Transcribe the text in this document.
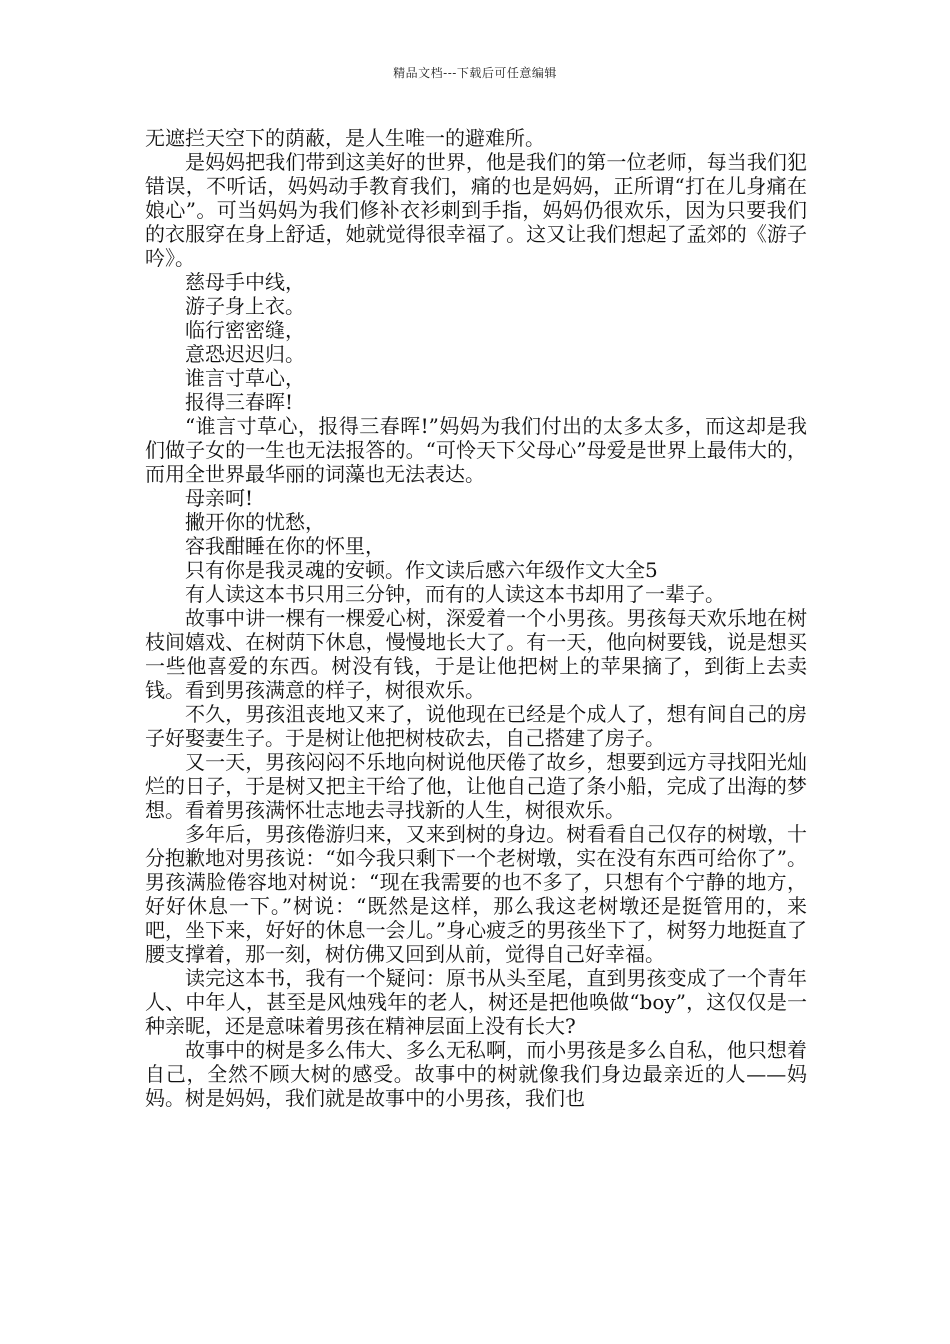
精品文档---下载后可任意编辑

无遮拦天空下的荫蔽，是人生唯一的避难所。

是妈妈把我们带到这美好的世界，他是我们的第一位老师，每当我们犯错误，不听话，妈妈动手教育我们，痛的也是妈妈，正所谓“打在儿身痛在娘心”。可当妈妈为我们修补衣衫刺到手指，妈妈仍很欢乐，因为只要我们的衣服穿在身上舒适，她就觉得很幸福了。这又让我们想起了孟郊的《游子吟》。

慈母手中线，

游子身上衣。

临行密密缝，

意恐迟迟归。

谁言寸草心，

报得三春晖!

“谁言寸草心，报得三春晖!”妈妈为我们付出的太多太多，而这却是我们做子女的一生也无法报答的。“可怜天下父母心”母爱是世界上最伟大的，而用全世界最华丽的词藻也无法表达。

母亲呵!

撇开你的忧愁，

容我酣睡在你的怀里，

只有你是我灵魂的安顿。作文读后感六年级作文大全5

有人读这本书只用三分钟，而有的人读这本书却用了一辈子。

故事中讲一棵有一棵爱心树，深爱着一个小男孩。男孩每天欢乐地在树枝间嬉戏、在树荫下休息，慢慢地长大了。有一天，他向树要钱，说是想买一些他喜爱的东西。树没有钱，于是让他把树上的苹果摘了，到街上去卖钱。看到男孩满意的样子，树很欢乐。

不久，男孩沮丧地又来了，说他现在已经是个成人了，想有间自己的房子好娶妻生子。于是树让他把树枝砍去，自己搭建了房子。

又一天，男孩闷闷不乐地向树说他厌倦了故乡，想要到远方寻找阳光灿烂的日子，于是树又把主干给了他，让他自己造了条小船，完成了出海的梦想。看着男孩满怀壮志地去寻找新的人生，树很欢乐。

多年后，男孩倦游归来，又来到树的身边。树看看自己仅存的树墩，十分抱歉地对男孩说：“如今我只剩下一个老树墩，实在没有东西可给你了”。男孩满脸倦容地对树说：“现在我需要的也不多了，只想有个宁静的地方，好好休息一下。”树说：“既然是这样，那么我这老树墩还是挺管用的，来吧，坐下来，好好的休息一会儿。”身心疲乏的男孩坐下了，树努力地挺直了腰支撑着，那一刻，树仿佛又回到从前，觉得自己好幸福。

读完这本书，我有一个疑问：原书从头至尾，直到男孩变成了一个青年人、中年人，甚至是风烛残年的老人，树还是把他唤做“boy”，这仅仅是一种亲昵，还是意味着男孩在精神层面上没有长大?

故事中的树是多么伟大、多么无私啊，而小男孩是多么自私，他只想着自己，全然不顾大树的感受。故事中的树就像我们身边最亲近的人——妈妈。树是妈妈，我们就是故事中的小男孩，我们也
